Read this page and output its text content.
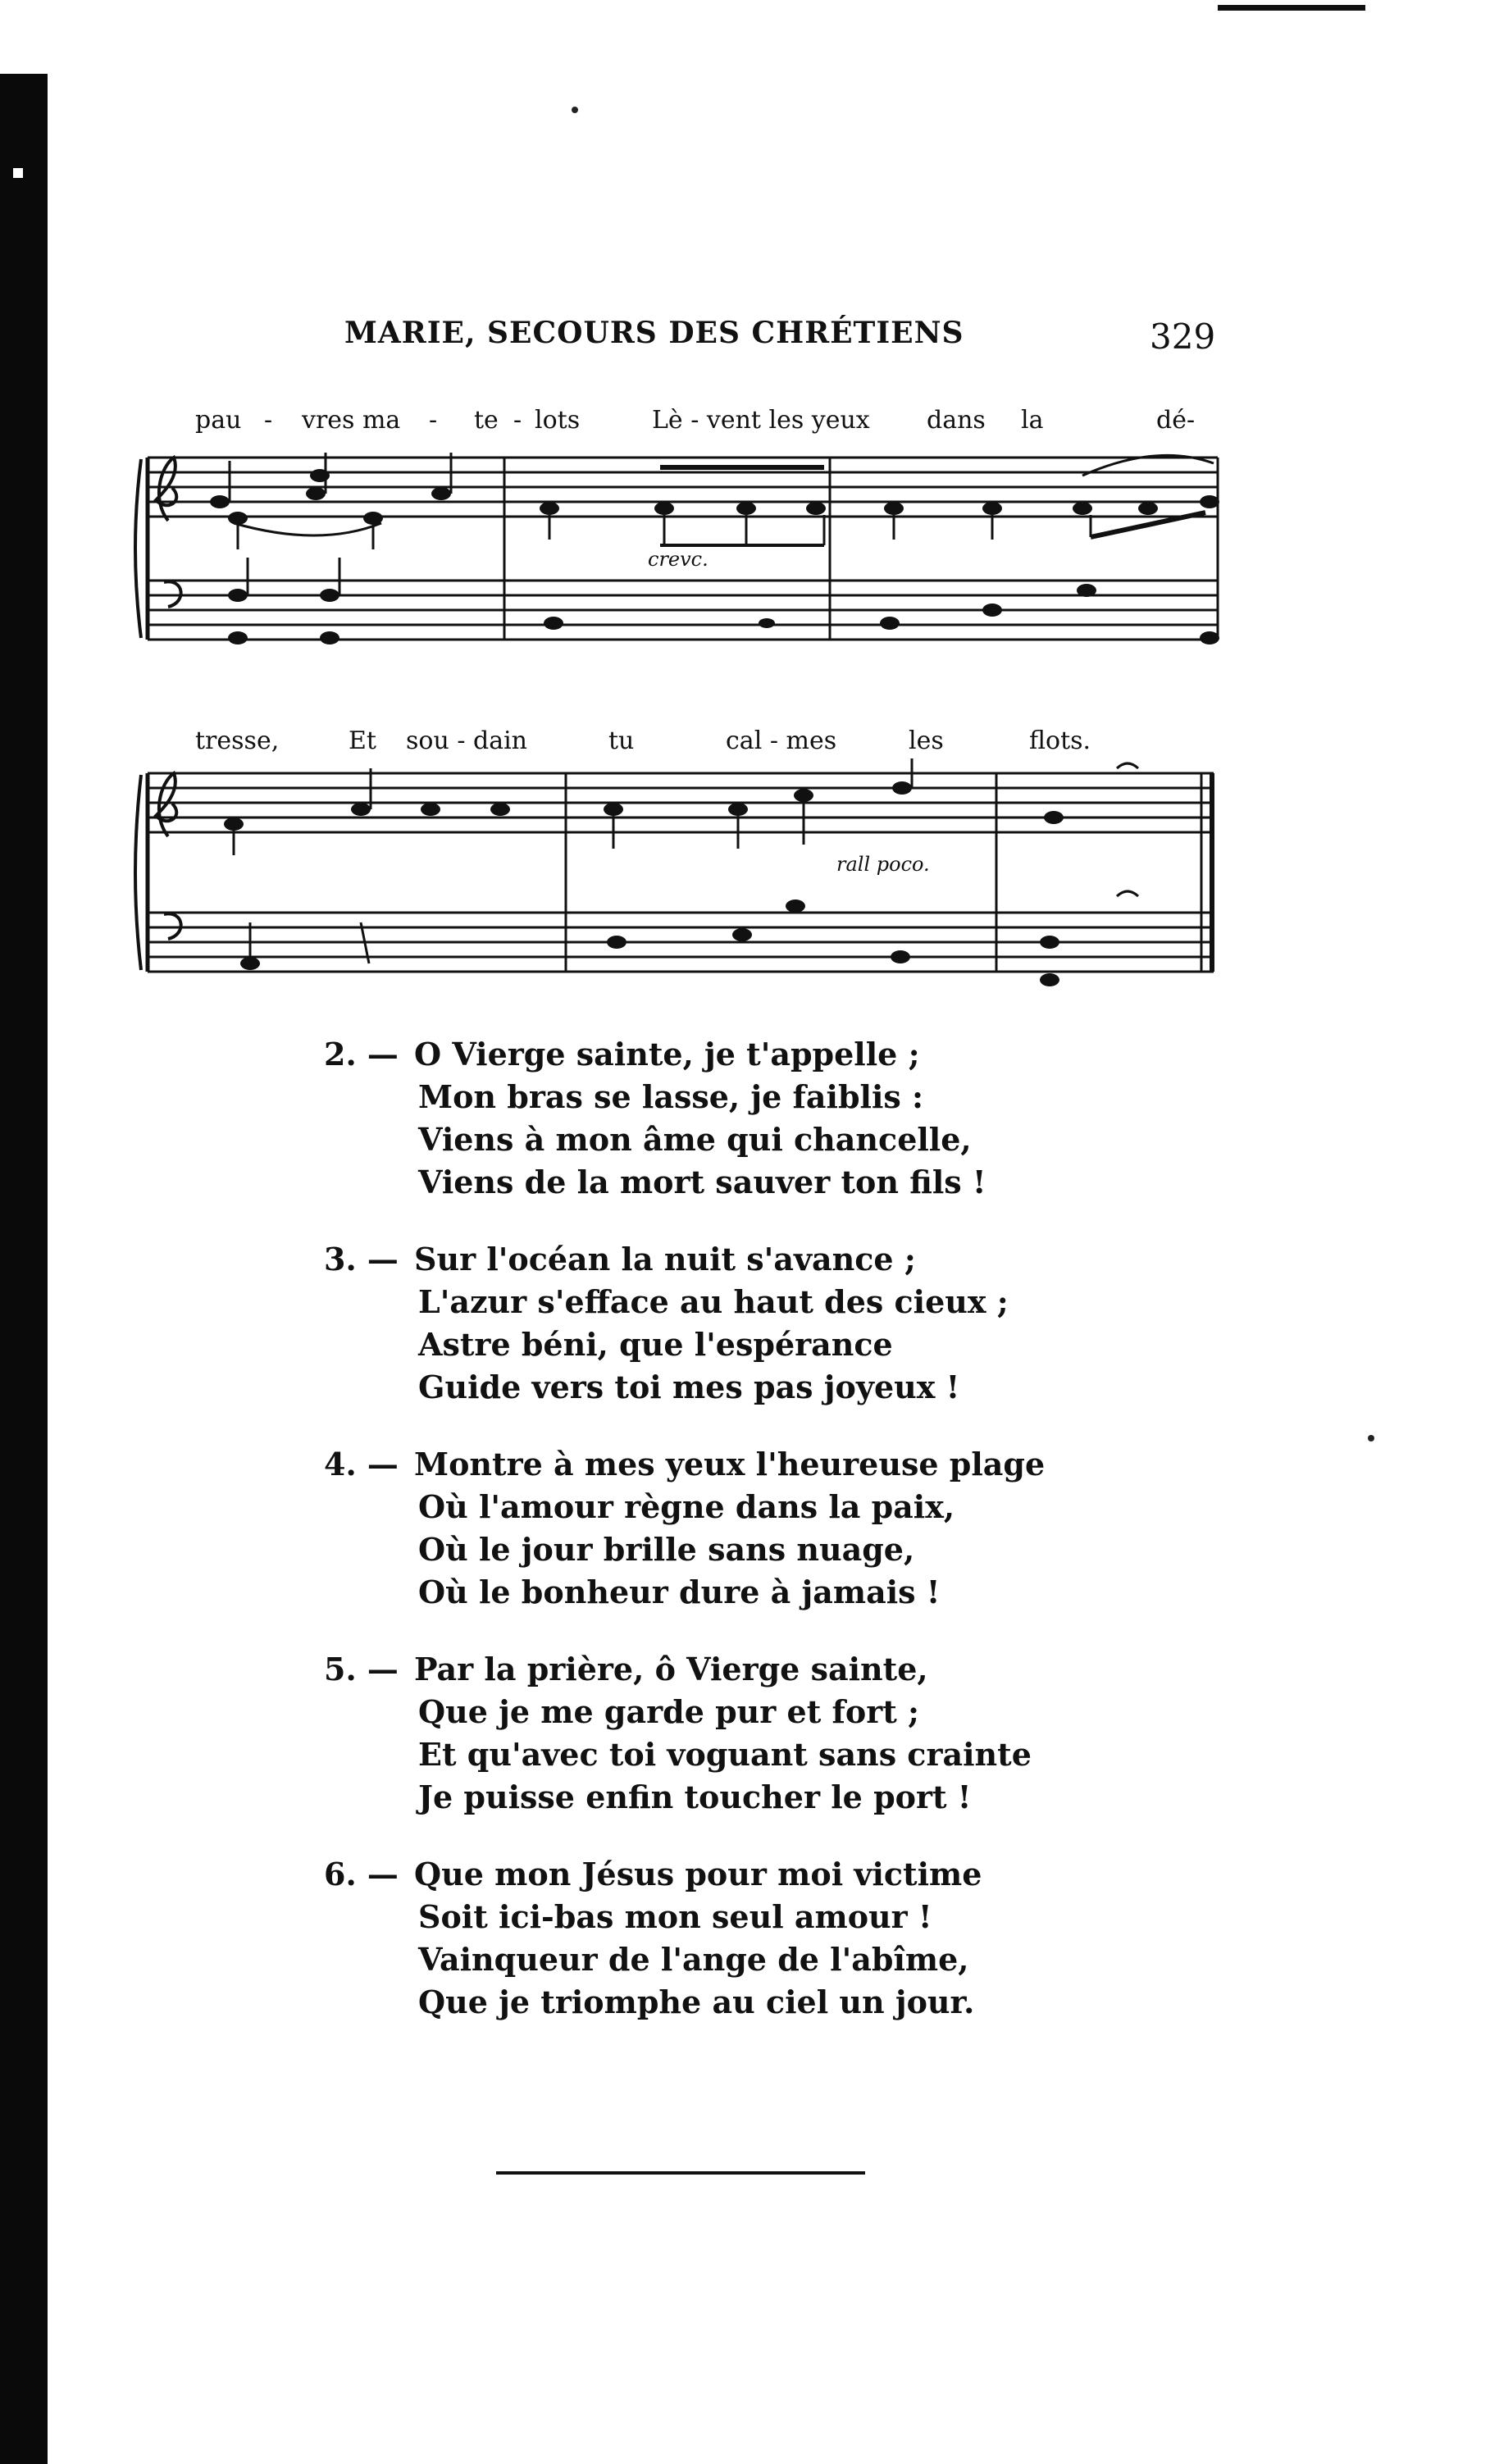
MARIE, SECOURS DES CHRÉTIENS	329
pau - vres ma - te - lots	Lè - vent les yeux dans la	dé-
crevc.
tresse,	Et sou - dain	tu	cal - mes	les	flots.
rall poco.
2. — O Vierge sainte, je t'appelle ;
Mon bras se lasse, je faiblis :
Viens à mon âme qui chancelle,
Viens de la mort sauver ton fils !
3. — Sur l'océan la nuit s'avance ;
L'azur s'efface au haut des cieux ;
Astre béni, que l'espérance
Guide vers toi mes pas joyeux !
4. — Montre à mes yeux l'heureuse plage
Où l'amour règne dans la paix,
Où le jour brille sans nuage,
Où le bonheur dure à jamais !
5. — Par la prière, ô Vierge sainte,
Que je me garde pur et fort ;
Et qu'avec toi voguant sans crainte
Je puisse enfin toucher le port !
6. — Que mon Jésus pour moi victime
Soit ici-bas mon seul amour !
Vainqueur de l'ange de l'abîme,
Que je triomphe au ciel un jour.
